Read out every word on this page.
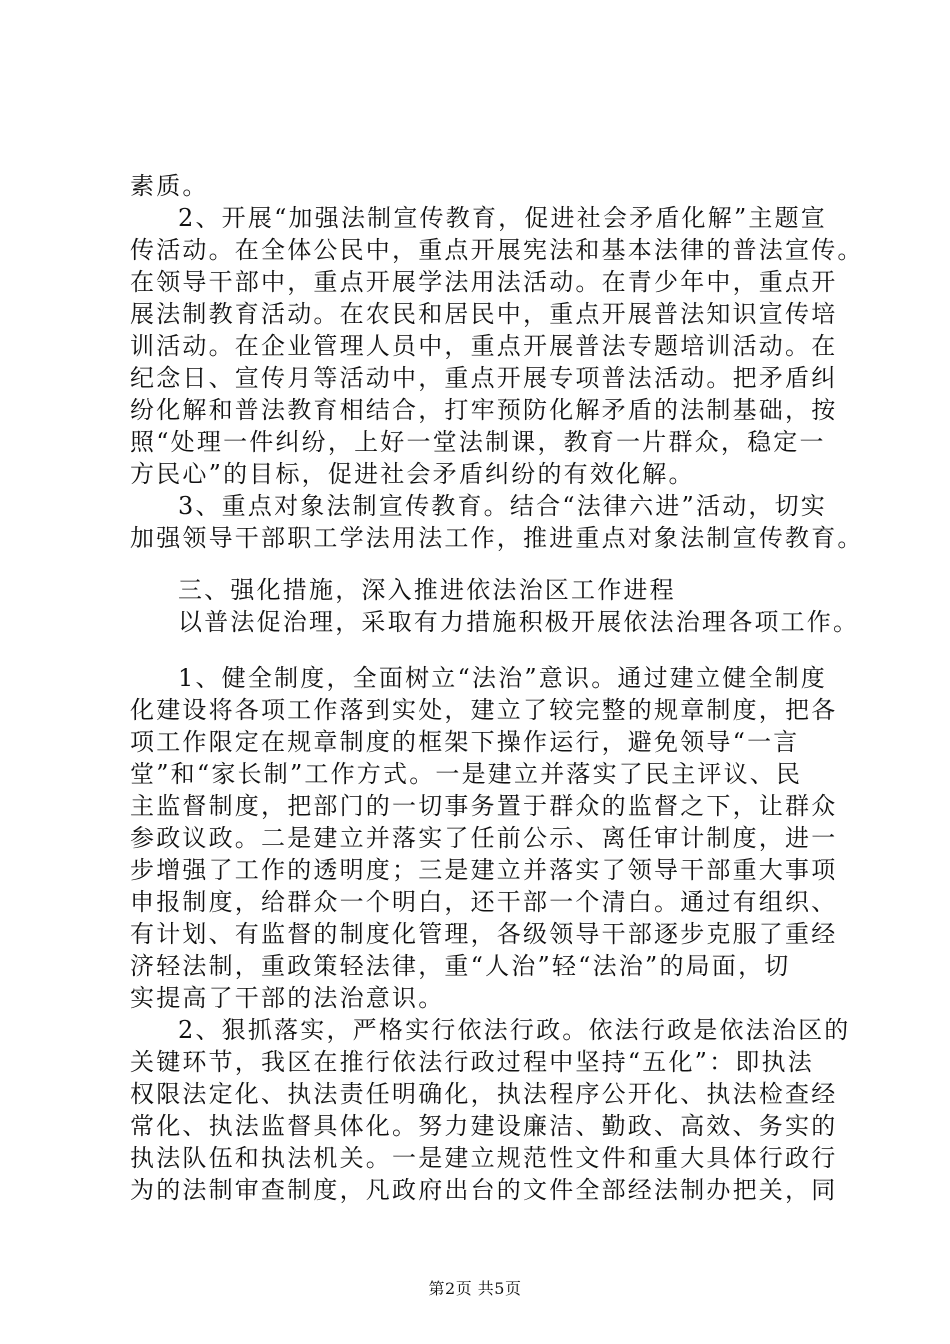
素质。
2、开展“加强法制宣传教育，促进社会矛盾化解”主题宣
传活动。在全体公民中，重点开展宪法和基本法律的普法宣传。
在领导干部中，重点开展学法用法活动。在青少年中，重点开
展法制教育活动。在农民和居民中，重点开展普法知识宣传培
训活动。在企业管理人员中，重点开展普法专题培训活动。在
纪念日、宣传月等活动中，重点开展专项普法活动。把矛盾纠
纷化解和普法教育相结合，打牢预防化解矛盾的法制基础，按
照“处理一件纠纷，上好一堂法制课，教育一片群众，稳定一
方民心”的目标，促进社会矛盾纠纷的有效化解。
3、重点对象法制宣传教育。结合“法律六进”活动，切实
加强领导干部职工学法用法工作，推进重点对象法制宣传教育。
三、强化措施，深入推进依法治区工作进程
以普法促治理，采取有力措施积极开展依法治理各项工作。
1、健全制度，全面树立“法治”意识。通过建立健全制度
化建设将各项工作落到实处，建立了较完整的规章制度，把各
项工作限定在规章制度的框架下操作运行，避免领导“一言
堂”和“家长制”工作方式。一是建立并落实了民主评议、民
主监督制度，把部门的一切事务置于群众的监督之下，让群众
参政议政。二是建立并落实了任前公示、离任审计制度，进一
步增强了工作的透明度；三是建立并落实了领导干部重大事项
申报制度，给群众一个明白，还干部一个清白。通过有组织、
有计划、有监督的制度化管理，各级领导干部逐步克服了重经
济轻法制，重政策轻法律，重“人治”轻“法治”的局面，切
实提高了干部的法治意识。
2、狠抓落实，严格实行依法行政。依法行政是依法治区的
关键环节，我区在推行依法行政过程中坚持“五化”：即执法
权限法定化、执法责任明确化，执法程序公开化、执法检查经
常化、执法监督具体化。努力建设廉洁、勤政、高效、务实的
执法队伍和执法机关。一是建立规范性文件和重大具体行政行
为的法制审查制度，凡政府出台的文件全部经法制办把关，同
第2页 共5页
